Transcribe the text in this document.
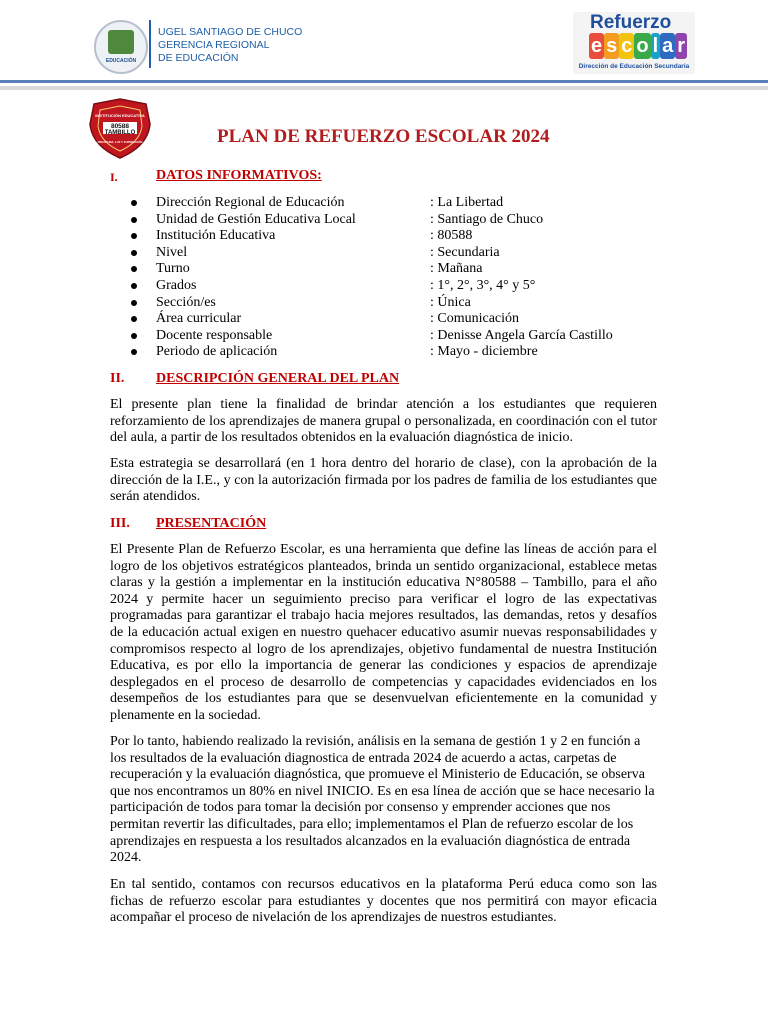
EDUCACIÓN
UGEL SANTIAGO DE CHUCO
GERENCIA REGIONAL
DE EDUCACIÓN
Refuerzo
e s c o l a r
Dirección de Educación Secundaria
INSTITUCIÓN EDUCATIVA
80588
TAMBILLO
DISCIPLINA, LUZ Y SUPERACIÓN	PLAN DE REFUERZO ESCOLAR 2024
I.	DATOS INFORMATIVOS:
Dirección Regional de Educación	: La Libertad
Unidad de Gestión Educativa Local	: Santiago de Chuco
Institución Educativa	: 80588
Nivel	: Secundaria
Turno	: Mañana
Grados	: 1°, 2°, 3°, 4° y 5°
Sección/es	: Única
Área curricular	: Comunicación
Docente responsable	: Denisse Angela García Castillo
Periodo de aplicación	: Mayo - diciembre
II. DESCRIPCIÓN GENERAL DEL PLAN
El presente plan tiene la finalidad de brindar atención a los estudiantes que requieren reforzamiento de los aprendizajes de manera grupal o personalizada, en coordinación con el tutor del aula, a partir de los resultados obtenidos en la evaluación diagnóstica de inicio.
Esta estrategia se desarrollará (en 1 hora dentro del horario de clase), con la aprobación de la dirección de la I.E., y con la autorización firmada por los padres de familia de los estudiantes que serán atendidos.
III. PRESENTACIÓN
El Presente Plan de Refuerzo Escolar, es una herramienta que define las líneas de acción para el logro de los objetivos estratégicos planteados, brinda un sentido organizacional, establece metas claras y la gestión a implementar en la institución educativa N°80588 – Tambillo, para el año 2024 y permite hacer un seguimiento preciso para verificar el logro de las expectativas programadas para garantizar el trabajo hacia mejores resultados, las demandas, retos y desafíos de la educación actual exigen en nuestro quehacer educativo asumir nuevas responsabilidades y compromisos respecto al logro de los aprendizajes, objetivo fundamental de nuestra Institución Educativa, es por ello la importancia de generar las condiciones y espacios de aprendizaje desplegados en el proceso de desarrollo de competencias y capacidades evidenciados en los desempeños de los estudiantes para que se desenvuelvan eficientemente en la comunidad y plenamente en la sociedad.
Por lo tanto, habiendo realizado la revisión, análisis en la semana de gestión 1 y 2 en función a los resultados de la evaluación diagnostica de entrada 2024 de acuerdo a actas, carpetas de recuperación y la evaluación diagnóstica, que promueve el Ministerio de Educación, se observa que nos encontramos un 80% en nivel INICIO. Es en esa línea de acción que se hace necesario la participación de todos para tomar la decisión por consenso y emprender acciones que nos permitan revertir las dificultades, para ello; implementamos el Plan de refuerzo escolar de los aprendizajes en respuesta a los resultados alcanzados en la evaluación diagnóstica de entrada 2024.
En tal sentido, contamos con recursos educativos en la plataforma Perú educa como son las fichas de refuerzo escolar para estudiantes y docentes que nos permitirá con mayor eficacia acompañar el proceso de nivelación de los aprendizajes de nuestros estudiantes.
